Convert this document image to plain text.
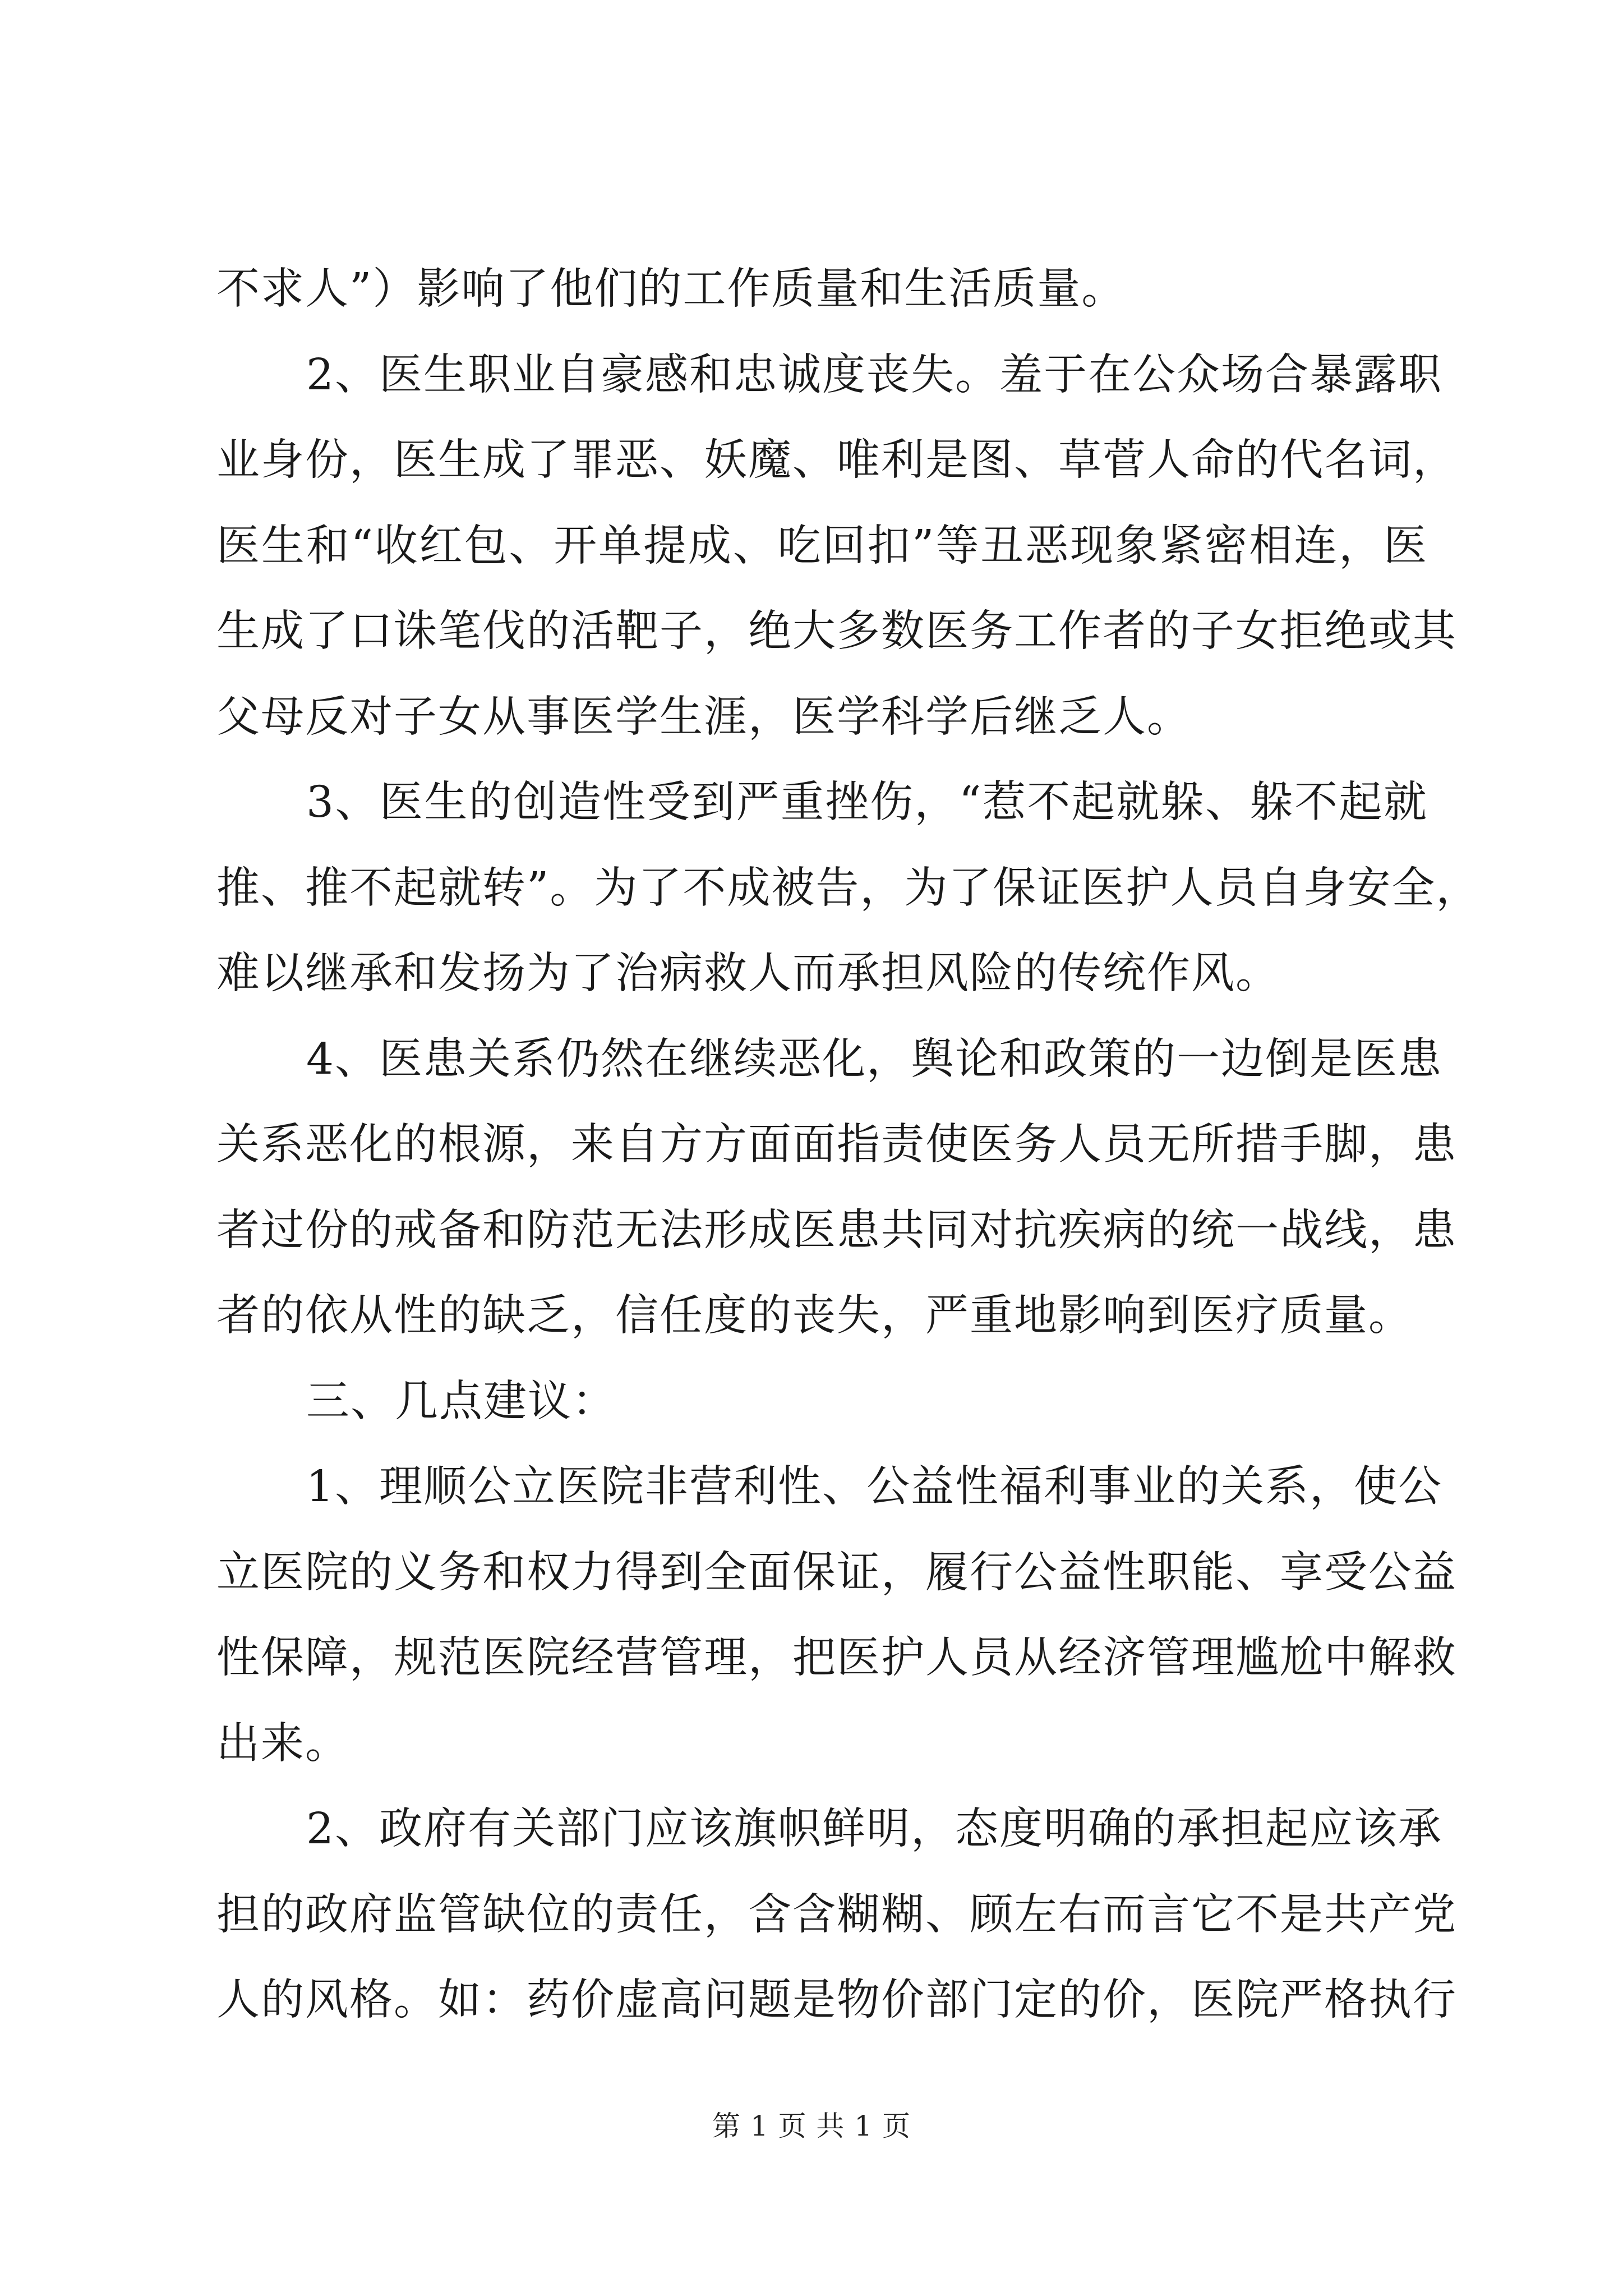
不求人”）影响了他们的工作质量和生活质量。
2、医生职业自豪感和忠诚度丧失。羞于在公众场合暴露职
业身份，医生成了罪恶、妖魔、唯利是图、草菅人命的代名词，
医生和“收红包、开单提成、吃回扣”等丑恶现象紧密相连，医
生成了口诛笔伐的活靶子，绝大多数医务工作者的子女拒绝或其
父母反对子女从事医学生涯，医学科学后继乏人。
3、医生的创造性受到严重挫伤，“惹不起就躲、躲不起就
推、推不起就转”。为了不成被告，为了保证医护人员自身安全，
难以继承和发扬为了治病救人而承担风险的传统作风。
4、医患关系仍然在继续恶化，舆论和政策的一边倒是医患
关系恶化的根源，来自方方面面指责使医务人员无所措手脚，患
者过份的戒备和防范无法形成医患共同对抗疾病的统一战线，患
者的依从性的缺乏，信任度的丧失，严重地影响到医疗质量。
三、几点建议：
1、理顺公立医院非营利性、公益性福利事业的关系，使公
立医院的义务和权力得到全面保证，履行公益性职能、享受公益
性保障，规范医院经营管理，把医护人员从经济管理尴尬中解救
出来。
2、政府有关部门应该旗帜鲜明，态度明确的承担起应该承
担的政府监管缺位的责任，含含糊糊、顾左右而言它不是共产党
人的风格。如：药价虚高问题是物价部门定的价，医院严格执行
第 1 页 共 1 页
